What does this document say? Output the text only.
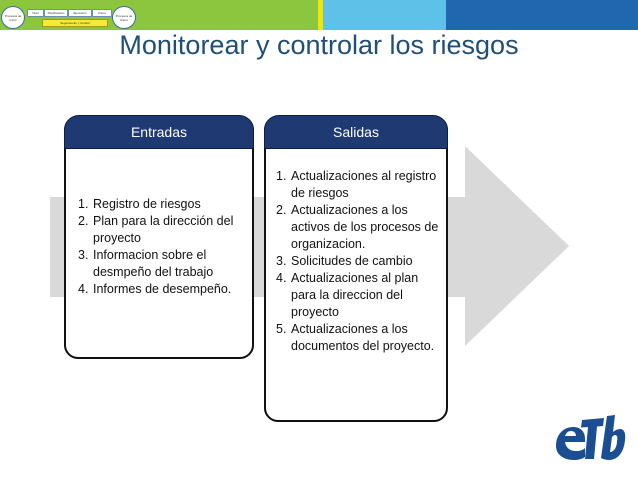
Procesos de Inicio
Inicio	Planificación	Ejecución	Cierre
Procesos de Cierre
Seguimiento y Control
Monitorear y controlar los riesgos
Entradas
1. Registro de riesgos
2. Plan para la dirección del proyecto
3. Informacion sobre el desmpeño del trabajo
4. Informes de desempeño.
Salidas
1. Actualizaciones al registro de riesgos
2. Actualizaciones a los activos de los procesos de organizacion.
3. Solicitudes de cambio
4. Actualizaciones al plan para la direccion del proyecto
5. Actualizaciones a los documentos del proyecto.
